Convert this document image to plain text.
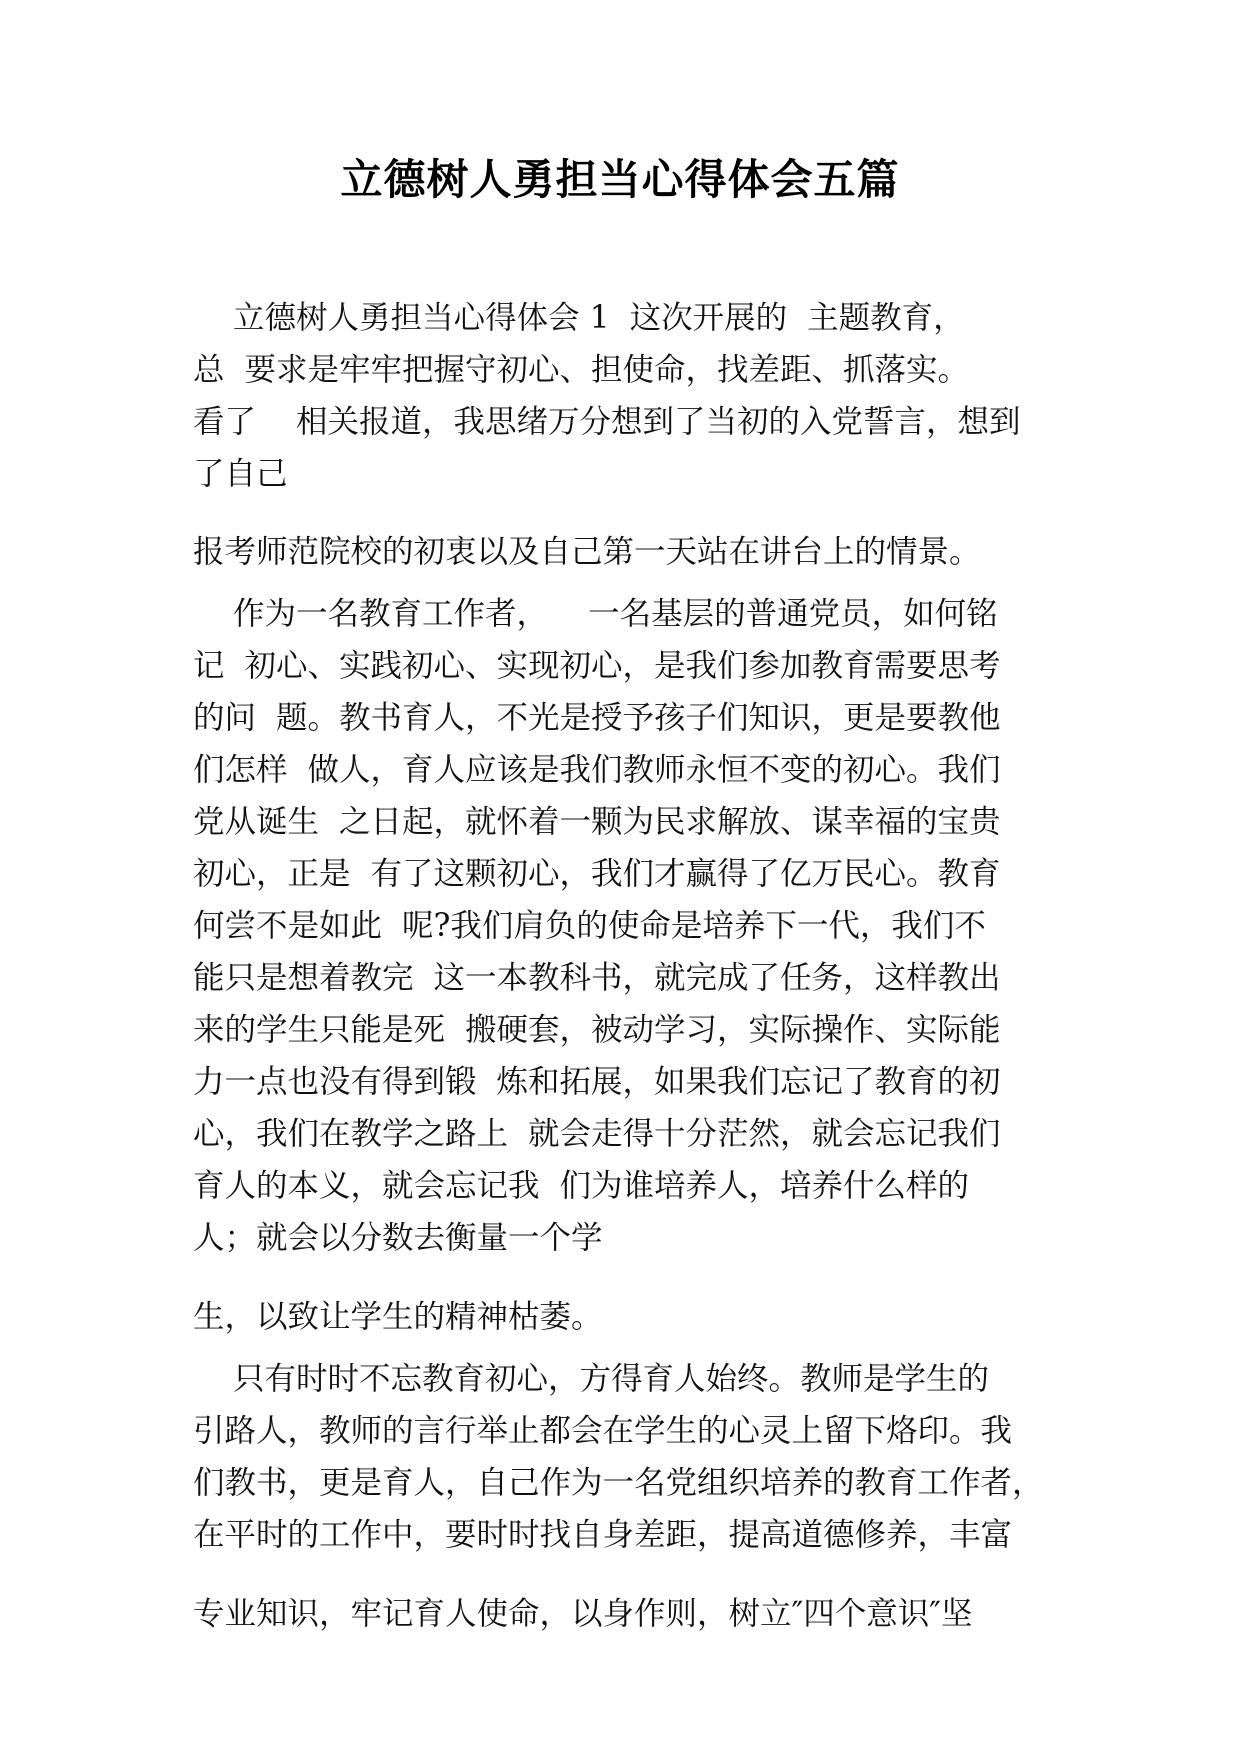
立德树人勇担当心得体会五篇
立德树人勇担当心得体会 1  这次开展的  主题教育，
总  要求是牢牢把握守初心、担使命，找差距、抓落实。
看了    相关报道，我思绪万分想到了当初的入党誓言，想到
了自己
报考师范院校的初衷以及自己第一天站在讲台上的情景。
作为一名教育工作者，    一名基层的普通党员，如何铭
记  初心、实践初心、实现初心，是我们参加教育需要思考
的问  题。教书育人，不光是授予孩子们知识，更是要教他
们怎样  做人，育人应该是我们教师永恒不变的初心。我们
党从诞生  之日起，就怀着一颗为民求解放、谋幸福的宝贵
初心，正是  有了这颗初心，我们才赢得了亿万民心。教育
何尝不是如此  呢?我们肩负的使命是培养下一代，我们不
能只是想着教完  这一本教科书，就完成了任务，这样教出
来的学生只能是死  搬硬套，被动学习，实际操作、实际能
力一点也没有得到锻  炼和拓展，如果我们忘记了教育的初
心，我们在教学之路上  就会走得十分茫然，就会忘记我们
育人的本义，就会忘记我  们为谁培养人，培养什么样的
人；就会以分数去衡量一个学
生，以致让学生的精神枯萎。
只有时时不忘教育初心，方得育人始终。教师是学生的
引路人，教师的言行举止都会在学生的心灵上留下烙印。我
们教书，更是育人，自己作为一名党组织培养的教育工作者，
在平时的工作中，要时时找自身差距，提高道德修养，丰富
专业知识，牢记育人使命，以身作则，树立″四个意识″坚
